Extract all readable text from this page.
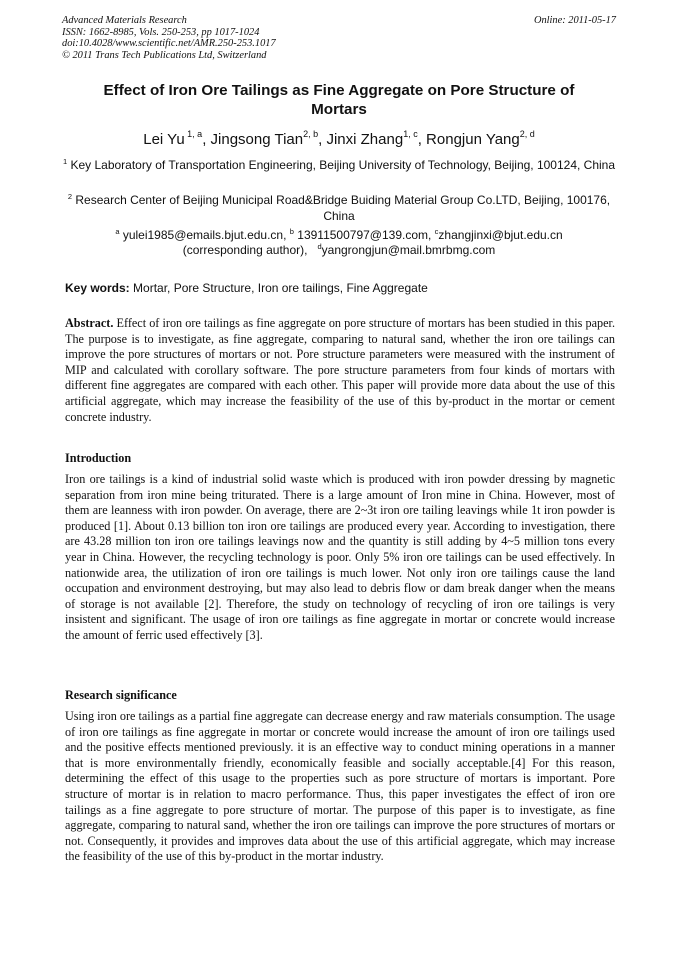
Advanced Materials Research
ISSN: 1662-8985, Vols. 250-253, pp 1017-1024
doi:10.4028/www.scientific.net/AMR.250-253.1017
© 2011 Trans Tech Publications Ltd, Switzerland
Online: 2011-05-17
Effect of Iron Ore Tailings as Fine Aggregate on Pore Structure of
Mortars
Lei Yu $^{1, a}$, Jingsong Tian$^{2, b}$, Jinxi Zhang$^{1, c}$, Rongjun Yang$^{2, d}$
$^1$ Key Laboratory of Transportation Engineering, Beijing University of Technology, Beijing, 100124, China
$^2$ Research Center of Beijing Municipal Road&Bridge Buiding Material Group Co.LTD, Beijing, 100176, China
$^a$ yulei1985@emails.bjut.edu.cn, $^b$ 13911500797@139.com, $^c$zhangjinxi@bjut.edu.cn
(corresponding author), $^d$yangrongjun@mail.bmrbmg.com
Key words: Mortar, Pore Structure, Iron ore tailings, Fine Aggregate
Abstract. Effect of iron ore tailings as fine aggregate on pore structure of mortars has been studied in this paper. The purpose is to investigate, as fine aggregate, comparing to natural sand, whether the iron ore tailings can improve the pore structures of mortars or not. Pore structure parameters were measured with the instrument of MIP and calculated with corollary software. The pore structure parameters from four kinds of mortars with different fine aggregates are compared with each other. This paper will provide more data about the use of this artificial aggregate, which may increase the feasibility of the use of this by-product in the mortar or cement concrete industry.
Introduction
Iron ore tailings is a kind of industrial solid waste which is produced with iron powder dressing by magnetic separation from iron mine being triturated. There is a large amount of Iron mine in China. However, most of them are leanness with iron powder. On average, there are 2~3t iron ore tailing leavings while 1t iron powder is produced [1]. About 0.13 billion ton iron ore tailings are produced every year. According to investigation, there are 43.28 million ton iron ore tailings leavings now and the quantity is still adding by 4~5 million tons every year in China. However, the recycling technology is poor. Only 5% iron ore tailings can be used effectively. In nationwide area, the utilization of iron ore tailings is much lower. Not only iron ore tailings cause the land occupation and environment destroying, but may also lead to debris flow or dam break danger when the means of storage is not available [2]. Therefore, the study on technology of recycling of iron ore tailings is very insistent and significant. The usage of iron ore tailings as fine aggregate in mortar or concrete would increase the amount of ferric used effectively [3].
Research significance
Using iron ore tailings as a partial fine aggregate can decrease energy and raw materials consumption. The usage of iron ore tailings as fine aggregate in mortar or concrete would increase the amount of iron ore tailings used and the positive effects mentioned previously. it is an effective way to conduct mining operations in a manner that is more environmentally friendly, economically feasible and socially acceptable.[4] For this reason, determining the effect of this usage to the properties such as pore structure of mortars is important. Pore structure of mortar is in relation to macro performance. Thus, this paper investigates the effect of iron ore tailings as a fine aggregate to pore structure of mortar. The purpose of this paper is to investigate, as fine aggregate, comparing to natural sand, whether the iron ore tailings can improve the pore structures of mortars or not. Consequently, it provides and improves data about the use of this artificial aggregate, which may increase the feasibility of the use of this by-product in the mortar industry.
